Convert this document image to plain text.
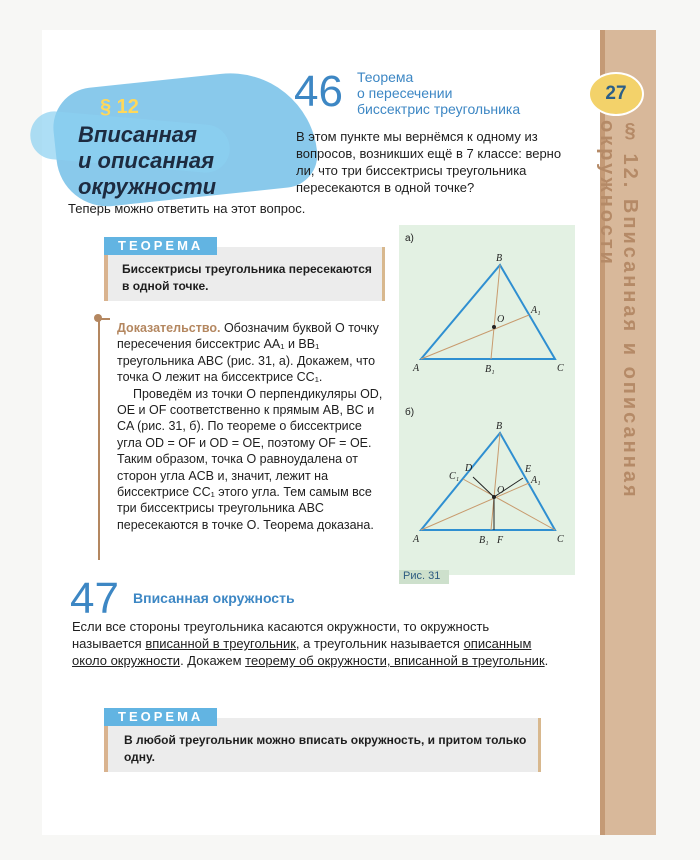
27
§ 12. Вписанная и описанная окружности
§ 12
Вписанная
и описанная
окружности
46 Теорема
о пересечении
биссектрис треугольника
В этом пункте мы вернёмся к одному из вопросов, возникших ещё в 7 классе: верно ли, что три биссектрисы треугольника пересекаются в одной точке?
Теперь можно ответить на этот вопрос.
ТЕОРЕМА
Биссектрисы треугольника пересекаются в одной точке.
Доказательство. Обозначим буквой O точку пересечения биссектрис AA₁ и BB₁ треугольника ABC (рис. 31, а). Докажем, что точка O лежит на биссектрисе CC₁.
Проведём из точки O перпендикуляры OD, OE и OF соответственно к прямым AB, BC и CA (рис. 31, б). По теореме о биссектрисе угла OD = OF и OD = OE, поэтому OF = OE. Таким образом, точка O равноудалена от сторон угла ACB и, значит, лежит на биссектрисе CC₁ этого угла. Тем самым все три биссектрисы треугольника ABC пересекаются в точке O. Теорема доказана.
а)
A
B
C
O
A₁
B₁
б)
A
B
C
O
A₁
B₁ F
C₁
D	E
Рис. 31
47 Вписанная окружность
Если все стороны треугольника касаются окружности, то окружность называется вписанной в треугольник, а треугольник называется описанным около окружности. Докажем теорему об окружности, вписанной в треугольник.
ТЕОРЕМА
В любой треугольник можно вписать окружность, и притом только одну.
